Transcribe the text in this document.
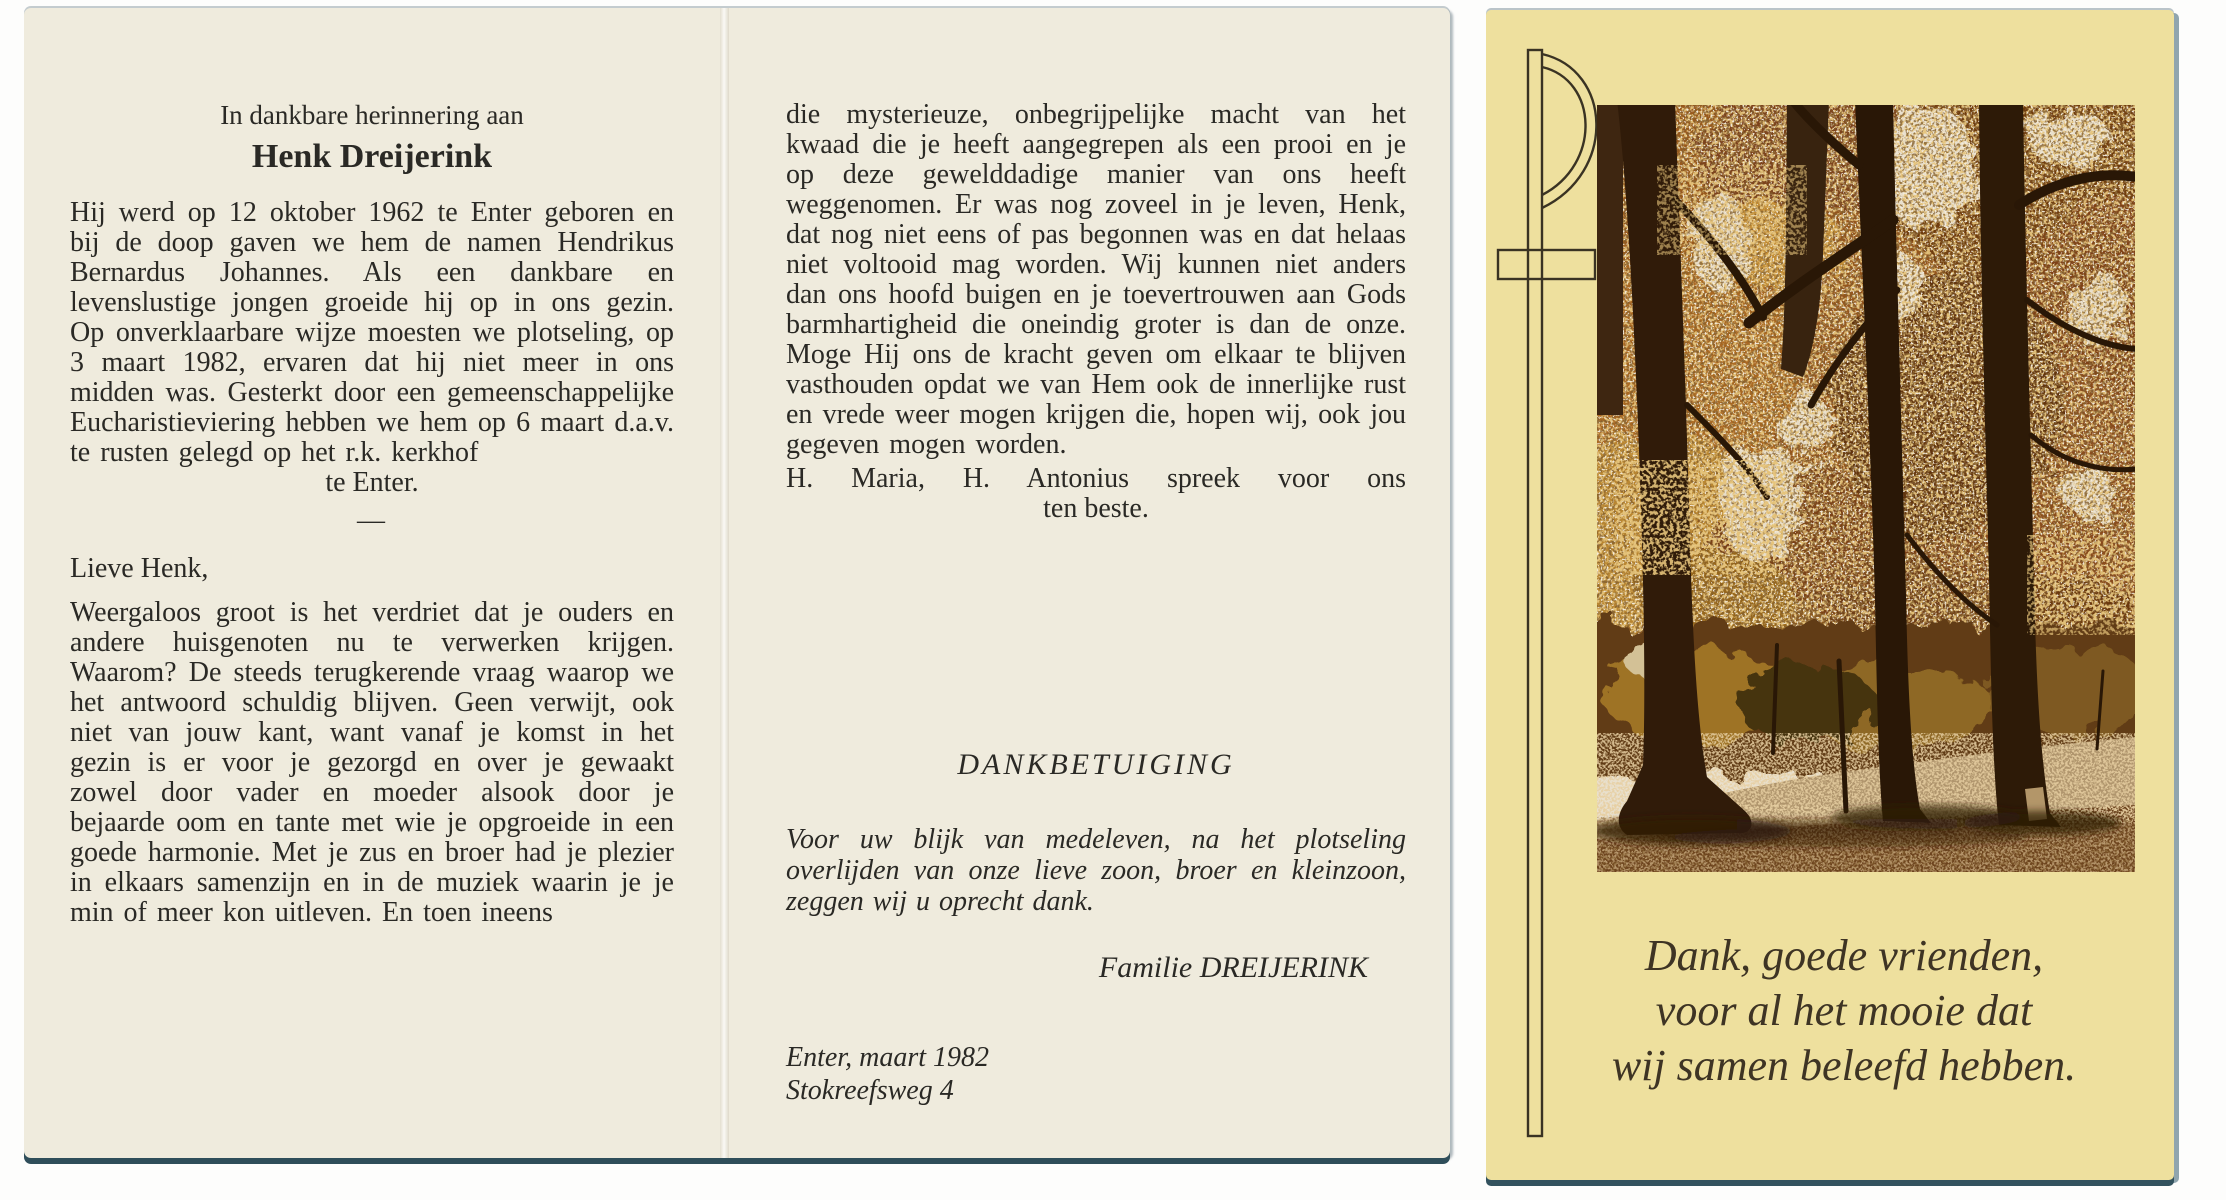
In dankbare herinnering aan
Henk Dreijerink

Hij werd op 12 oktober 1962 te Enter geboren en bij de doop gaven we hem de namen Hendrikus Bernardus Johannes. Als een dankbare en levenslustige jongen groeide hij op in ons gezin. Op onverklaarbare wijze moesten we plotseling, op 3 maart 1982, ervaren dat hij niet meer in ons midden was. Gesterkt door een gemeenschappelijke Eucharistieviering hebben we hem op 6 maart d.a.v. te rusten gelegd op het r.k. kerkhof

te Enter.
—
Lieve Henk,

Weergaloos groot is het verdriet dat je ouders en andere huisgenoten nu te verwerken krijgen. Waarom? De steeds terugkerende vraag waarop we het antwoord schuldig blijven. Geen verwijt, ook niet van jouw kant, want vanaf je komst in het gezin is er voor je gezorgd en over je gewaakt zowel door vader en moeder alsook door je bejaarde oom en tante met wie je opgroeide in een goede harmonie. Met je zus en broer had je plezier in elkaars samenzijn en in de muziek waarin je je min of meer kon uitleven. En toen ineens

die mysterieuze, onbegrijpelijke macht van het kwaad die je heeft aangegrepen als een prooi en je op deze gewelddadige manier van ons heeft weggenomen. Er was nog zoveel in je leven, Henk, dat nog niet eens of pas begonnen was en dat helaas niet voltooid mag worden. Wij kunnen niet anders dan ons hoofd buigen en je toevertrouwen aan Gods barmhartigheid die oneindig groter is dan de onze. Moge Hij ons de kracht geven om elkaar te blijven vasthouden opdat we van Hem ook de innerlijke rust en vrede weer mogen krijgen die, hopen wij, ook jou gegeven mogen worden.

H. Maria, H. Antonius spreek voor ons
ten beste.
DANKBETUIGING

Voor uw blijk van medeleven, na het plotseling overlijden van onze lieve zoon, broer en kleinzoon, zeggen wij u oprecht dank.

Familie DREIJERINK
Enter, maart 1982
Stokreefsweg 4
Dank, goede vrienden,
voor al het mooie dat
wij samen beleefd hebben.
